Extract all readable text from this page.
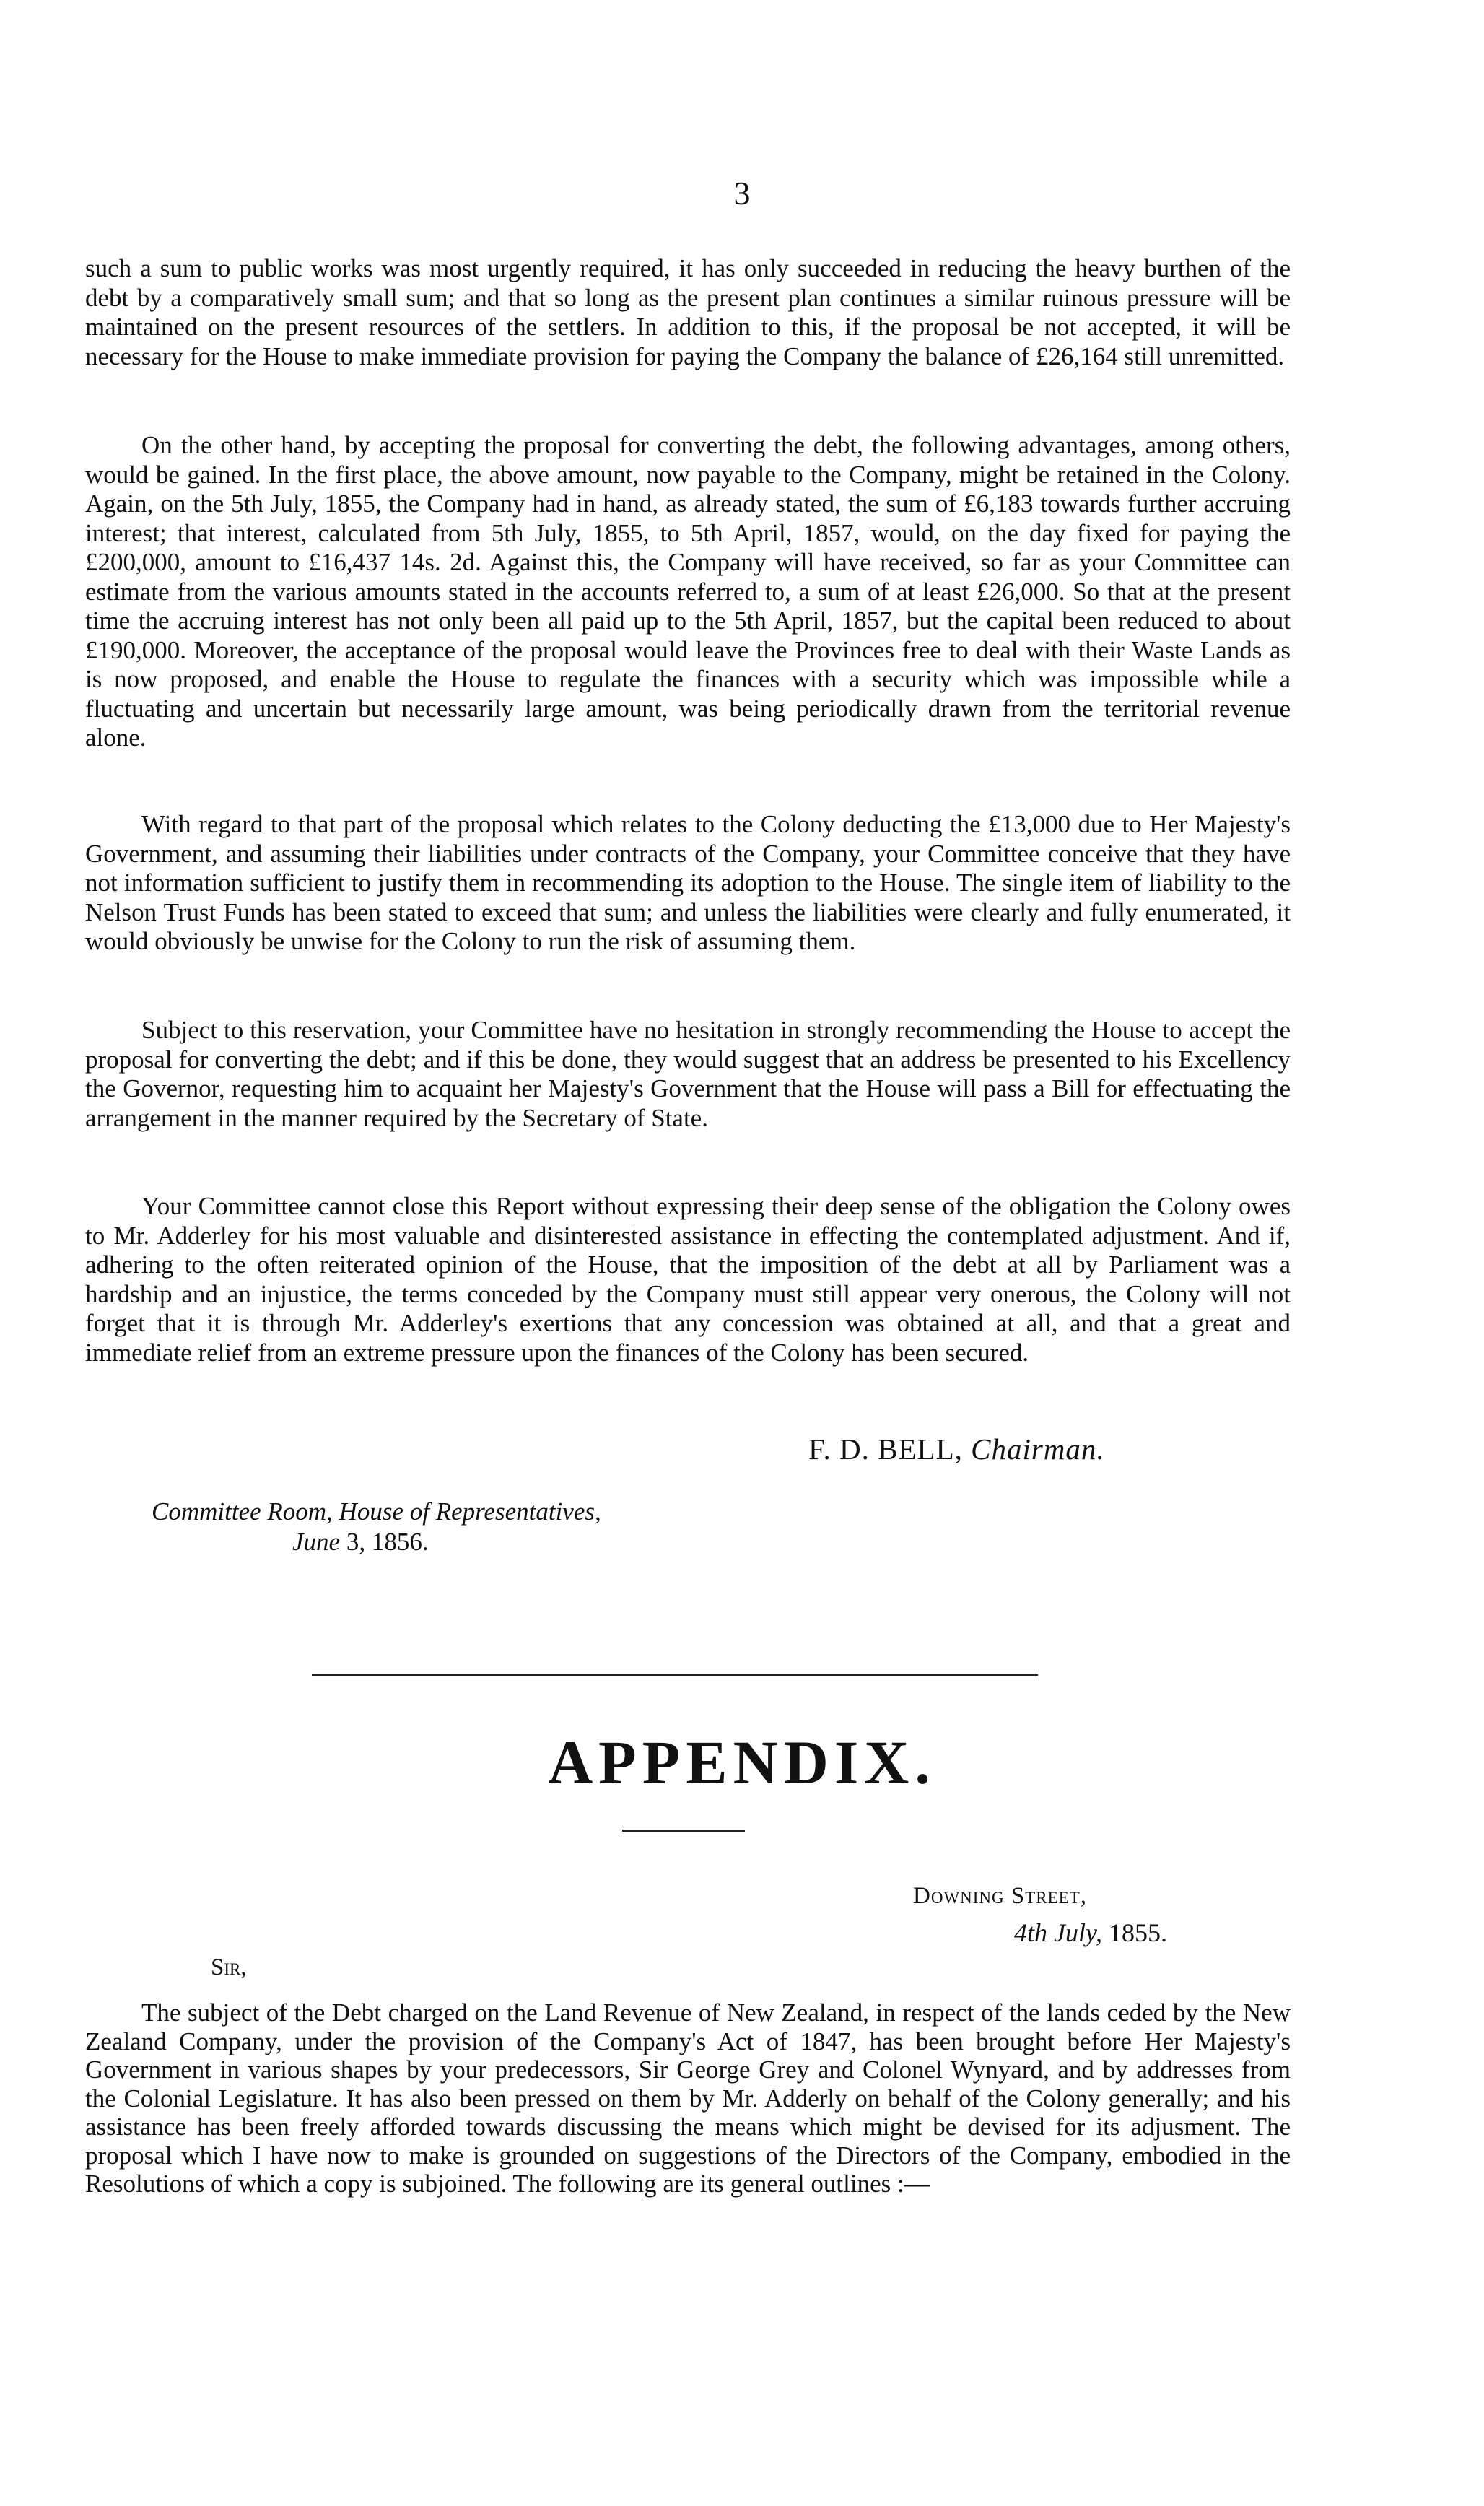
3

such a sum to public works was most urgently required, it has only succeeded in reducing the heavy burthen of the debt by a comparatively small sum; and that so long as the present plan continues a similar ruinous pressure will be maintained on the present resources of the settlers. In addition to this, if the proposal be not accepted, it will be necessary for the House to make immediate provision for paying the Company the balance of £26,164 still unremitted.

On the other hand, by accepting the proposal for converting the debt, the following advantages, among others, would be gained. In the first place, the above amount, now payable to the Company, might be retained in the Colony. Again, on the 5th July, 1855, the Company had in hand, as already stated, the sum of £6,183 towards further accruing interest; that interest, calculated from 5th July, 1855, to 5th April, 1857, would, on the day fixed for paying the £200,000, amount to £16,437 14s. 2d. Against this, the Company will have received, so far as your Committee can estimate from the various amounts stated in the accounts referred to, a sum of at least £26,000. So that at the present time the accruing interest has not only been all paid up to the 5th April, 1857, but the capital been reduced to about £190,000. Moreover, the acceptance of the proposal would leave the Provinces free to deal with their Waste Lands as is now proposed, and enable the House to regulate the finances with a security which was impossible while a fluctuating and uncertain but necessarily large amount, was being periodically drawn from the territorial revenue alone.

With regard to that part of the proposal which relates to the Colony deducting the £13,000 due to Her Majesty's Government, and assuming their liabilities under contracts of the Company, your Committee conceive that they have not information sufficient to justify them in recommending its adoption to the House. The single item of liability to the Nelson Trust Funds has been stated to exceed that sum; and unless the liabilities were clearly and fully enumerated, it would obviously be unwise for the Colony to run the risk of assuming them.

Subject to this reservation, your Committee have no hesitation in strongly recommending the House to accept the proposal for converting the debt; and if this be done, they would suggest that an address be presented to his Excellency the Governor, requesting him to acquaint her Majesty's Government that the House will pass a Bill for effectuating the arrangement in the manner required by the Secretary of State.

Your Committee cannot close this Report without expressing their deep sense of the obligation the Colony owes to Mr. Adderley for his most valuable and disinterested assistance in effecting the contemplated adjustment. And if, adhering to the often reiterated opinion of the House, that the imposition of the debt at all by Parliament was a hardship and an injustice, the terms conceded by the Company must still appear very onerous, the Colony will not forget that it is through Mr. Adderley's exertions that any concession was obtained at all, and that a great and immediate relief from an extreme pressure upon the finances of the Colony has been secured.

F. D. BELL, Chairman.
Committee Room, House of Representatives,
June 3, 1856.
APPENDIX.
Downing Street,
4th July, 1855.
Sir,

The subject of the Debt charged on the Land Revenue of New Zealand, in respect of the lands ceded by the New Zealand Company, under the provision of the Company's Act of 1847, has been brought before Her Majesty's Government in various shapes by your predecessors, Sir George Grey and Colonel Wynyard, and by addresses from the Colonial Legislature. It has also been pressed on them by Mr. Adderly on behalf of the Colony generally; and his assistance has been freely afforded towards discussing the means which might be devised for its adjusment. The proposal which I have now to make is grounded on suggestions of the Directors of the Company, embodied in the Resolutions of which a copy is subjoined. The following are its general outlines :—
